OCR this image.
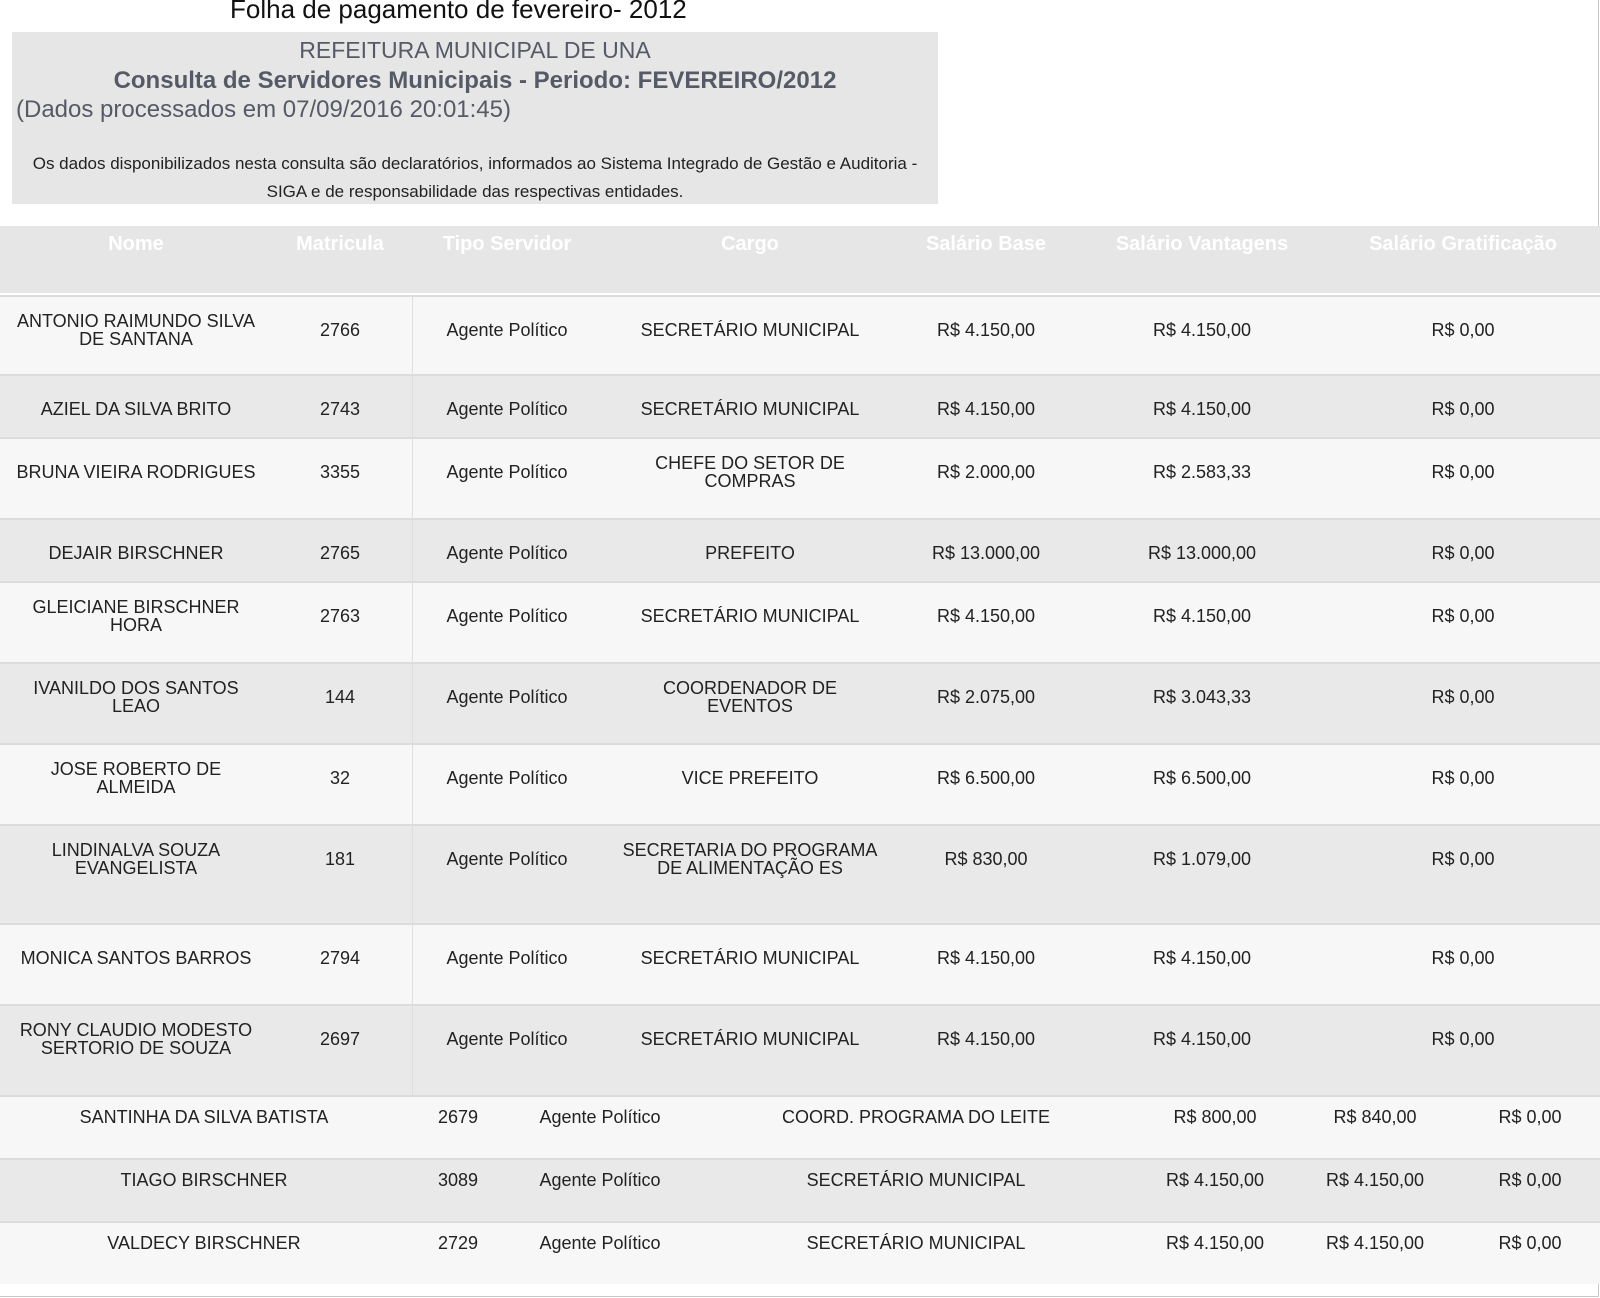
Folha de pagamento de fevereiro- 2012
REFEITURA MUNICIPAL DE UNA
Consulta de Servidores Municipais - Periodo: FEVEREIRO/2012
(Dados processados em 07/09/2016 20:01:45)
Os dados disponibilizados nesta consulta são declaratórios, informados ao Sistema Integrado de Gestão e Auditoria - SIGA e de responsabilidade das respectivas entidades.
Nome	Matricula	Tipo Servidor	Cargo	Salário Base	Salário Vantagens	Salário Gratificação
ANTONIO RAIMUNDO SILVA DE SANTANA	2766	Agente Político	SECRETÁRIO MUNICIPAL	R$ 4.150,00	R$ 4.150,00	R$ 0,00
AZIEL DA SILVA BRITO	2743	Agente Político	SECRETÁRIO MUNICIPAL	R$ 4.150,00	R$ 4.150,00	R$ 0,00
BRUNA VIEIRA RODRIGUES	3355	Agente Político	CHEFE DO SETOR DE COMPRAS	R$ 2.000,00	R$ 2.583,33	R$ 0,00
DEJAIR BIRSCHNER	2765	Agente Político	PREFEITO	R$ 13.000,00	R$ 13.000,00	R$ 0,00
GLEICIANE BIRSCHNER HORA	2763	Agente Político	SECRETÁRIO MUNICIPAL	R$ 4.150,00	R$ 4.150,00	R$ 0,00
IVANILDO DOS SANTOS LEAO	144	Agente Político	COORDENADOR DE EVENTOS	R$ 2.075,00	R$ 3.043,33	R$ 0,00
JOSE ROBERTO DE ALMEIDA	32	Agente Político	VICE PREFEITO	R$ 6.500,00	R$ 6.500,00	R$ 0,00
LINDINALVA SOUZA EVANGELISTA	181	Agente Político	SECRETARIA DO PROGRAMA DE ALIMENTAÇÃO ES	R$ 830,00	R$ 1.079,00	R$ 0,00
MONICA SANTOS BARROS	2794	Agente Político	SECRETÁRIO MUNICIPAL	R$ 4.150,00	R$ 4.150,00	R$ 0,00
RONY CLAUDIO MODESTO SERTORIO DE SOUZA	2697	Agente Político	SECRETÁRIO MUNICIPAL	R$ 4.150,00	R$ 4.150,00	R$ 0,00
SANTINHA DA SILVA BATISTA	2679	Agente Político	COORD. PROGRAMA DO LEITE	R$ 800,00	R$ 840,00	R$ 0,00
TIAGO BIRSCHNER	3089	Agente Político	SECRETÁRIO MUNICIPAL	R$ 4.150,00	R$ 4.150,00	R$ 0,00
VALDECY BIRSCHNER	2729	Agente Político	SECRETÁRIO MUNICIPAL	R$ 4.150,00	R$ 4.150,00	R$ 0,00
